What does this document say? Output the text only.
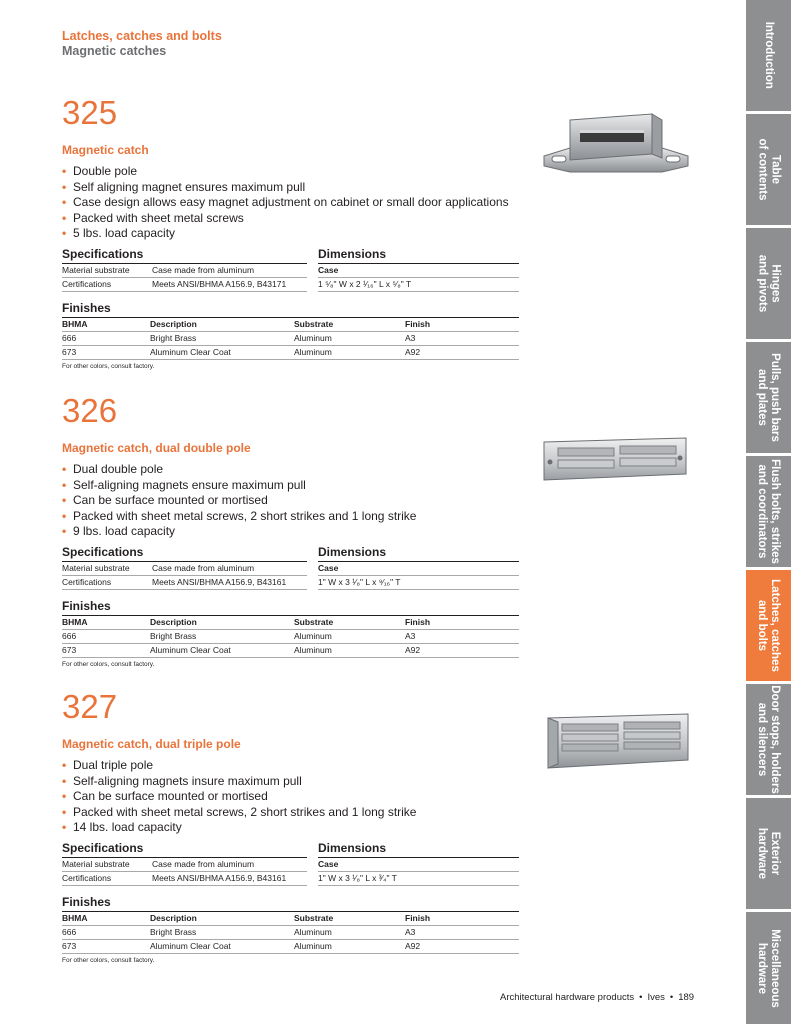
Latches, catches and bolts
Magnetic catches
325
Magnetic catch
• Double pole
• Self aligning magnet ensures maximum pull
• Case design allows easy magnet adjustment on cabinet or small door applications
• Packed with sheet metal screws
• 5 lbs. load capacity
Specifications
Material substrate	Case made from aluminum
Certifications	Meets ANSI/BHMA A156.9, B43171
Dimensions
Case
1 ⁵⁄₈" W x 2 ¹⁄₁₆" L x ⁵⁄₈" T
Finishes
BHMA	Description	Substrate	Finish
666	Bright Brass	Aluminum	A3
673	Aluminum Clear Coat	Aluminum	A92
For other colors, consult factory.
326
Magnetic catch, dual double pole
• Dual double pole
• Self-aligning magnets ensure maximum pull
• Can be surface mounted or mortised
• Packed with sheet metal screws, 2 short strikes and 1 long strike
• 9 lbs. load capacity
Specifications
Material substrate	Case made from aluminum
Certifications	Meets ANSI/BHMA A156.9, B43161
Dimensions
Case
1" W x 3 ¹⁄₈" L x ⁹⁄₁₆" T
Finishes
BHMA	Description	Substrate	Finish
666	Bright Brass	Aluminum	A3
673	Aluminum Clear Coat	Aluminum	A92
For other colors, consult factory.
327
Magnetic catch, dual triple pole
• Dual triple pole
• Self-aligning magnets insure maximum pull
• Can be surface mounted or mortised
• Packed with sheet metal screws, 2 short strikes and 1 long strike
• 14 lbs. load capacity
Specifications
Material substrate	Case made from aluminum
Certifications	Meets ANSI/BHMA A156.9, B43161
Dimensions
Case
1" W x 3 ¹⁄₈" L x ³⁄₄" T
Finishes
BHMA	Description	Substrate	Finish
666	Bright Brass	Aluminum	A3
673	Aluminum Clear Coat	Aluminum	A92
For other colors, consult factory.
Introduction
Table
of contents
Hinges
and pivots
Pulls, push bars
and plates
Flush bolts, strikes
and coordinators
Latches, catches
and bolts
Door stops, holders
and silencers
Exterior
hardware
Miscellaneous
hardware
Architectural hardware products • Ives • 189
